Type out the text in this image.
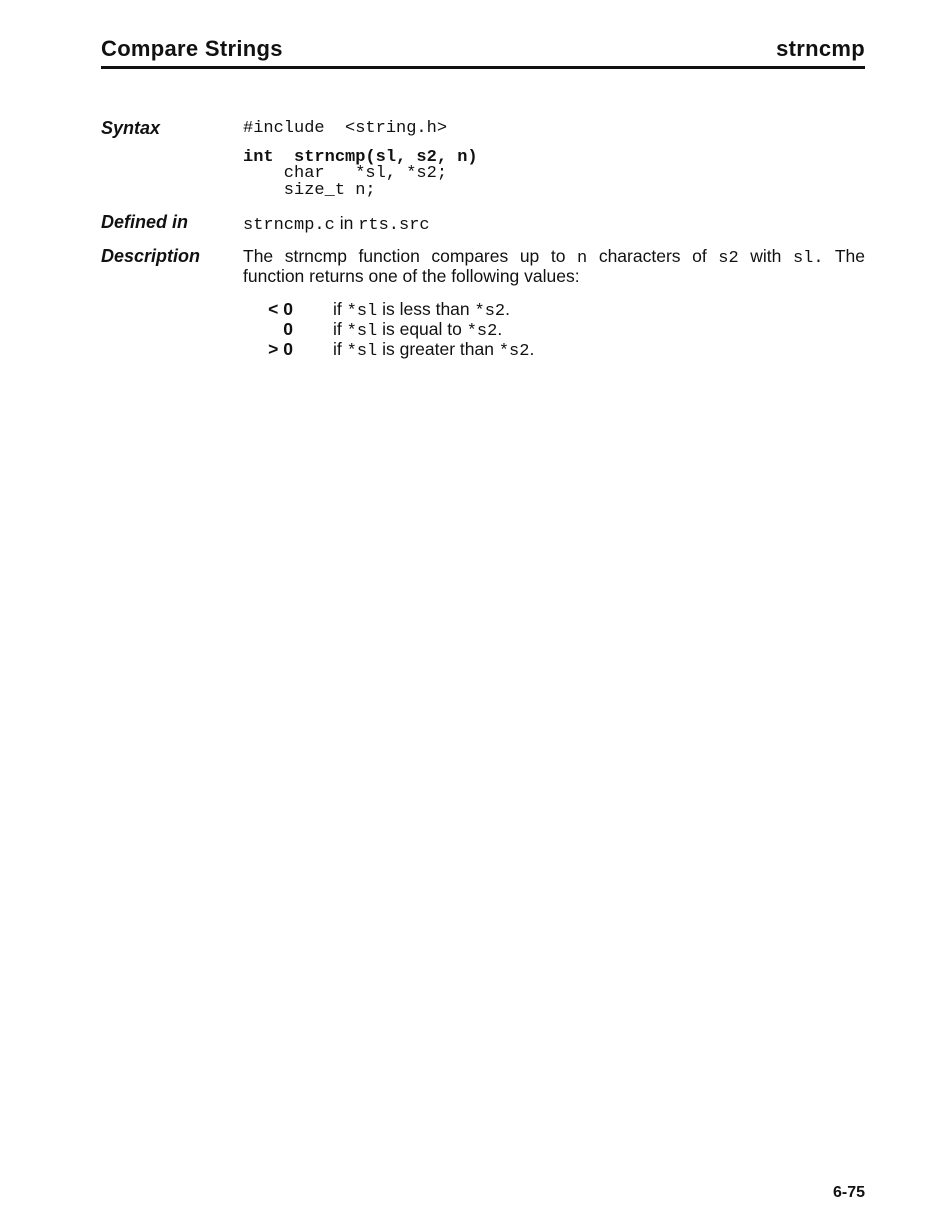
Compare Strings	strncmp
Syntax	#include  <string.h>
int  strncmp(sl, s2, n)
char   *sl, *s2;
size_t n;
Defined in	strncmp.c in rts.src
Description The strncmp function compares up to n characters of s2 with sl. The
function returns one of the following values:
< 0 if *sl is less than *s2.
0 if *sl is equal to *s2.
> 0 if *sl is greater than *s2.
6-75
